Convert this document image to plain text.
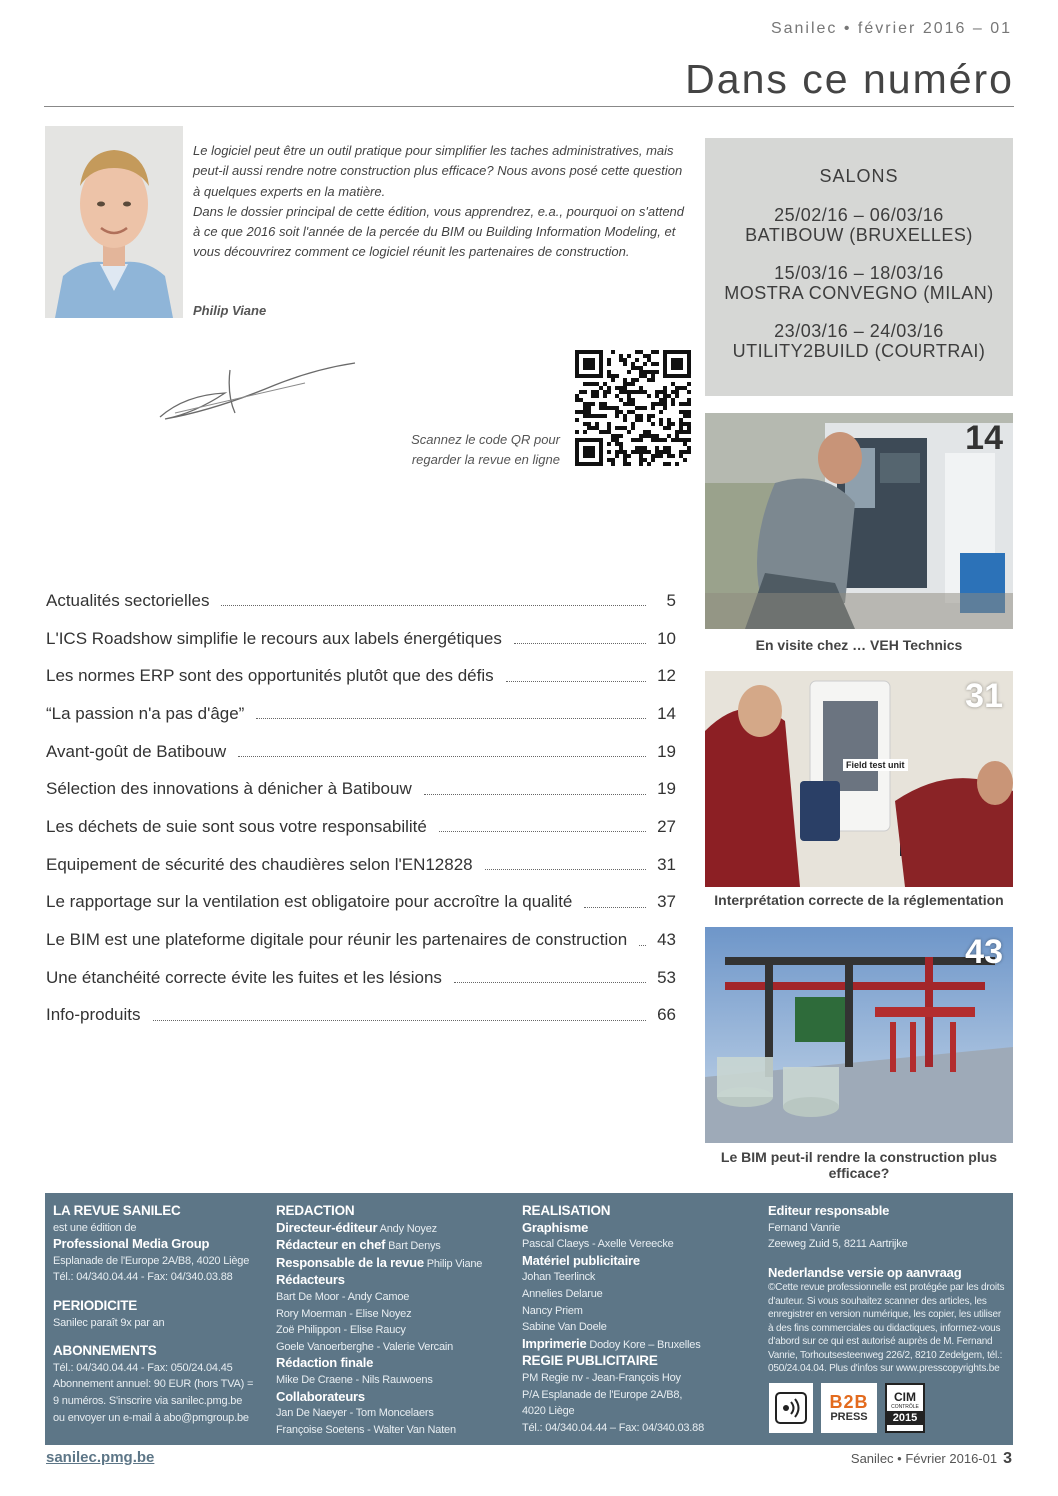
Sanilec • février 2016 – 01
Dans ce numéro

Le logiciel peut être un outil pratique pour simplifier les taches administratives, mais peut-il aussi rendre notre construction plus efficace? Nous avons posé cette question à quelques experts en la matière.

Dans le dossier principal de cette édition, vous apprendrez, e.a., pourquoi on s'attend à ce que 2016 soit l'année de la percée du BIM ou Building Information Modeling, et vous découvrirez comment ce logiciel réunit les partenaires de construction.

Philip Viane
Scannez le code QR pour
regarder la revue en ligne
SALONS
25/02/16 – 06/03/16
BATIBOUW (BRUXELLES)
15/03/16 – 18/03/16
MOSTRA CONVEGNO (MILAN)
23/03/16 – 24/03/16
UTILITY2BUILD (COURTRAI)
14
En visite chez … VEH Technics
Field test unit
31
Interprétation correcte de la réglementation
43
Le BIM peut-il rendre la construction plus efficace?
Actualités sectorielles	5
L'ICS Roadshow simplifie le recours aux labels énergétiques	10
Les normes ERP sont des opportunités plutôt que des défis	12
“La passion n'a pas d'âge”	14
Avant-goût de Batibouw	19
Sélection des innovations à dénicher à Batibouw	19
Les déchets de suie sont sous votre responsabilité	27
Equipement de sécurité des chaudières selon l'EN12828	31
Le rapportage sur la ventilation est obligatoire pour accroître la qualité	37
Le BIM est une plateforme digitale pour réunir les partenaires de construction 43
Une étanchéité correcte évite les fuites et les lésions	53
Info-produits	66
LA REVUE SANILEC
est une édition de
Professional Media Group
Esplanade de l'Europe 2A/B8, 4020 Liège
Tél.: 04/340.04.44 - Fax: 04/340.03.88
PERIODICITE
Sanilec paraît 9x par an
ABONNEMENTS
Tél.: 04/340.04.44 - Fax: 050/24.04.45
Abonnement annuel: 90 EUR (hors TVA) =
9 numéros. S'inscrire via sanilec.pmg.be
ou envoyer un e-mail à abo@pmgroup.be
REDACTION
Directeur-éditeur Andy Noyez
Rédacteur en chef Bart Denys
Responsable de la revue Philip Viane
Rédacteurs
Bart De Moor - Andy Camoe
Rory Moerman - Elise Noyez
Zoë Philippon - Elise Raucy
Goele Vanoerberghe - Valerie Vercain
Rédaction finale
Mike De Craene - Nils Rauwoens
Collaborateurs
Jan De Naeyer - Tom Moncelaers
Françoise Soetens - Walter Van Naten
REALISATION
Graphisme
Pascal Claeys - Axelle Vereecke
Matériel publicitaire
Johan Teerlinck
Annelies Delarue
Nancy Priem
Sabine Van Doele
Imprimerie Dodoy Kore – Bruxelles
REGIE PUBLICITAIRE
PM Regie nv - Jean-François Hoy
P/A Esplanade de l'Europe 2A/B8,
4020 Liège
Tél.: 04/340.04.44 – Fax: 04/340.03.88
Editeur responsable
Fernand Vanrie
Zeeweg Zuid 5, 8211 Aartrijke
Nederlandse versie op aanvraag
©Cette revue professionnelle est protégée par les droits d'auteur. Si vous souhaitez scanner des articles, les enregistrer en version numérique, les copier, les utiliser à des fins commerciales ou didactiques, informez-vous d'abord sur ce qui est autorisé auprès de M. Fernand Vanrie, Torhoutsesteenweg 226/2, 8210 Zedelgem, tél.: 050/24.04.04. Plus d'infos sur www.presscopyrights.be
B2B
PRESS
CIM
CONTRÔLE
2015
sanilec.pmg.be	Sanilec • Février 2016-01 3
